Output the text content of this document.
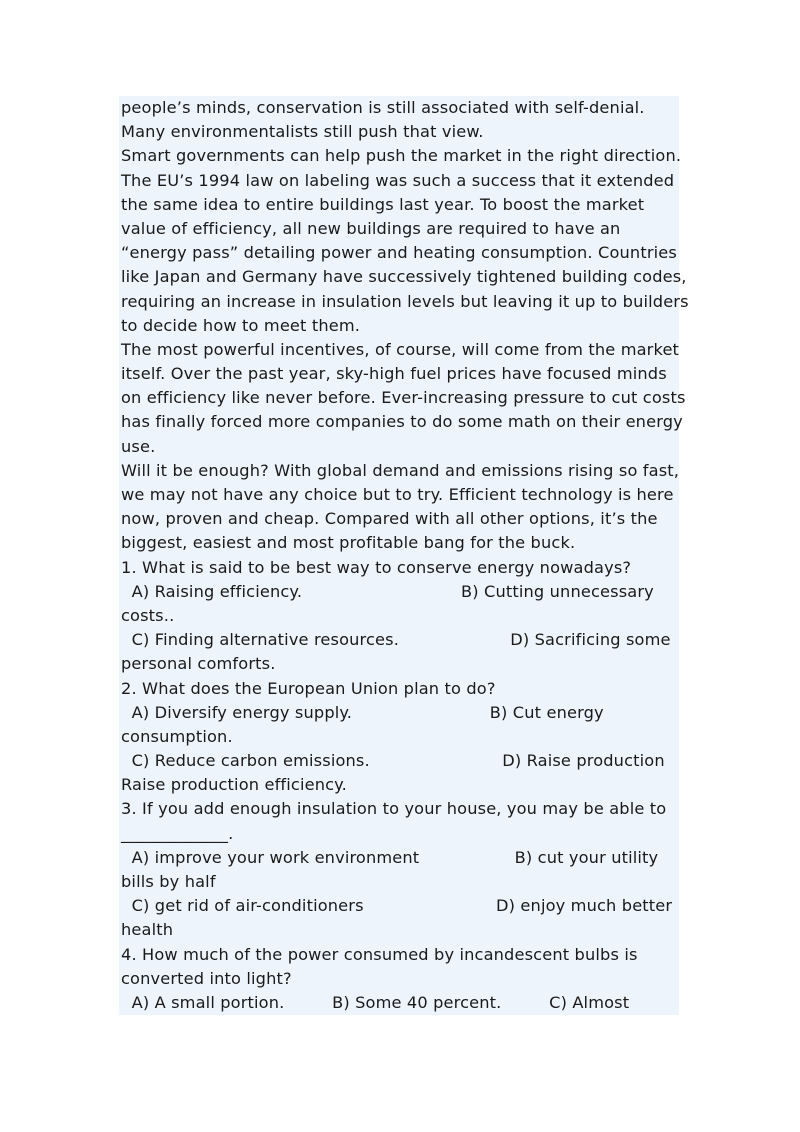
people’s minds, conservation is still associated with self-denial.
Many environmentalists still push that view.
Smart governments can help push the market in the right direction.
The EU’s 1994 law on labeling was such a success that it extended
the same idea to entire buildings last year. To boost the market
value of efficiency, all new buildings are required to have an
“energy pass” detailing power and heating consumption. Countries
like Japan and Germany have successively tightened building codes,
requiring an increase in insulation levels but leaving it up to builders
to decide how to meet them.
The most powerful incentives, of course, will come from the market
itself. Over the past year, sky-high fuel prices have focused minds
on efficiency like never before. Ever-increasing pressure to cut costs
has finally forced more companies to do some math on their energy
use.
Will it be enough? With global demand and emissions rising so fast,
we may not have any choice but to try. Efficient technology is here
now, proven and cheap. Compared with all other options, it’s the
biggest, easiest and most profitable bang for the buck.
1. What is said to be best way to conserve energy nowadays?
A) Raising efficiency.                              B) Cutting unnecessary
costs..
C) Finding alternative resources.                     D) Sacrificing some
personal comforts.
2. What does the European Union plan to do?
A) Diversify energy supply.                          B) Cut energy
consumption.
C) Reduce carbon emissions.                         D) Raise production
Raise production efficiency.
3. If you add enough insulation to your house, you may be able to
_____________.
A) improve your work environment                  B) cut your utility
bills by half
C) get rid of air-conditioners                         D) enjoy much better
health
4. How much of the power consumed by incandescent bulbs is
converted into light?
A) A small portion.         B) Some 40 percent.         C) Almost
